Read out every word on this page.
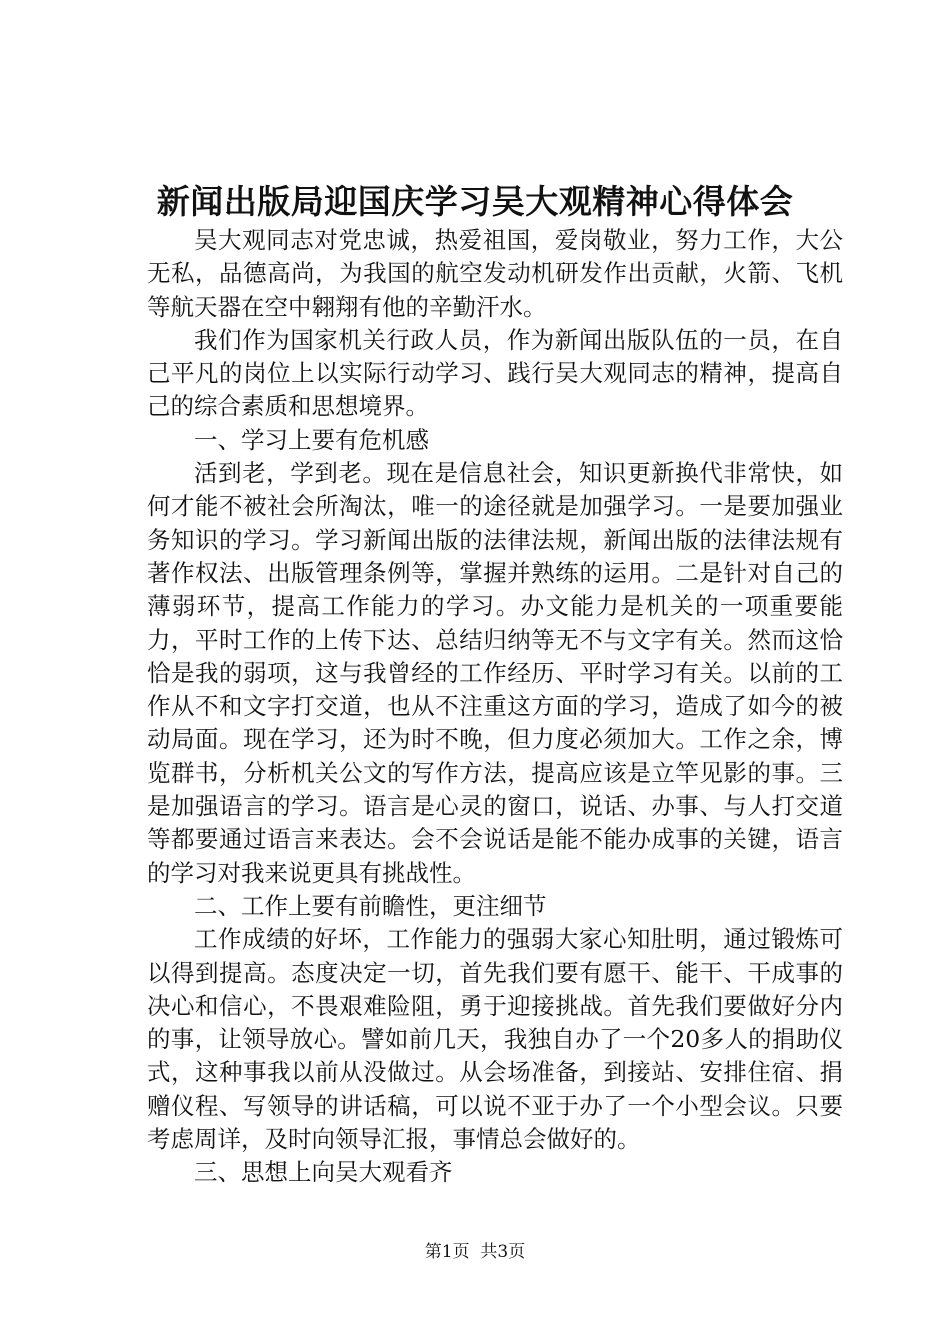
新闻出版局迎国庆学习吴大观精神心得体会

吴大观同志对党忠诚，热爱祖国，爱岗敬业，努力工作，大公无私，品德高尚，为我国的航空发动机研发作出贡献，火箭、飞机等航天器在空中翱翔有他的辛勤汗水。

我们作为国家机关行政人员，作为新闻出版队伍的一员，在自己平凡的岗位上以实际行动学习、践行吴大观同志的精神，提高自己的综合素质和思想境界。

一、学习上要有危机感

活到老，学到老。现在是信息社会，知识更新换代非常快，如何才能不被社会所淘汰，唯一的途径就是加强学习。一是要加强业务知识的学习。学习新闻出版的法律法规，新闻出版的法律法规有著作权法、出版管理条例等，掌握并熟练的运用。二是针对自己的薄弱环节，提高工作能力的学习。办文能力是机关的一项重要能力，平时工作的上传下达、总结归纳等无不与文字有关。然而这恰恰是我的弱项，这与我曾经的工作经历、平时学习有关。以前的工作从不和文字打交道，也从不注重这方面的学习，造成了如今的被动局面。现在学习，还为时不晚，但力度必须加大。工作之余，博览群书，分析机关公文的写作方法，提高应该是立竿见影的事。三是加强语言的学习。语言是心灵的窗口，说话、办事、与人打交道等都要通过语言来表达。会不会说话是能不能办成事的关键，语言的学习对我来说更具有挑战性。

二、工作上要有前瞻性，更注细节

工作成绩的好坏，工作能力的强弱大家心知肚明，通过锻炼可以得到提高。态度决定一切，首先我们要有愿干、能干、干成事的决心和信心，不畏艰难险阻，勇于迎接挑战。首先我们要做好分内的事，让领导放心。譬如前几天，我独自办了一个20多人的捐助仪式，这种事我以前从没做过。从会场准备，到接站、安排住宿、捐赠仪程、写领导的讲话稿，可以说不亚于办了一个小型会议。只要考虑周详，及时向领导汇报，事情总会做好的。

三、思想上向吴大观看齐

第1页  共3页
